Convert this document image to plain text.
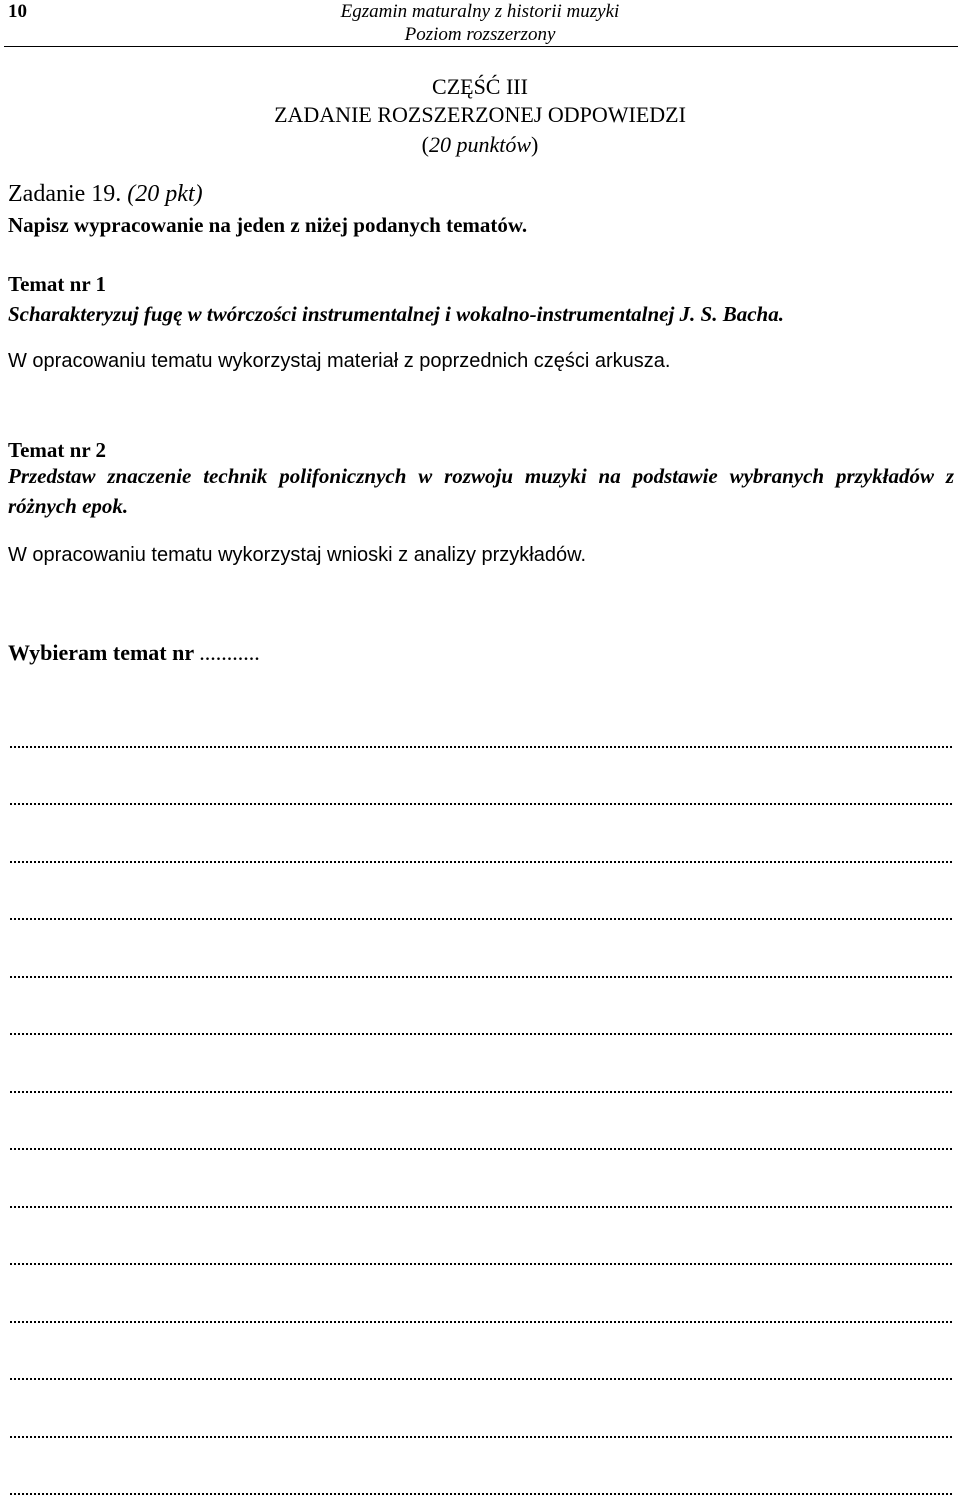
10	Egzamin maturalny z historii muzyki
Poziom rozszerzony
CZĘŚĆ III
ZADANIE ROZSZERZONEJ ODPOWIEDZI
(20 punktów)
Zadanie 19. (20 pkt)
Napisz wypracowanie na jeden z niżej podanych tematów.
Temat nr 1
Scharakteryzuj fugę w twórczości instrumentalnej i wokalno-instrumentalnej J. S. Bacha.
W opracowaniu tematu wykorzystaj materiał z poprzednich części arkusza.
Temat nr 2
Przedstaw znaczenie technik polifonicznych w rozwoju muzyki na podstawie wybranych przykładów z różnych epok.
W opracowaniu tematu wykorzystaj wnioski z analizy przykładów.
Wybieram temat nr ...........
